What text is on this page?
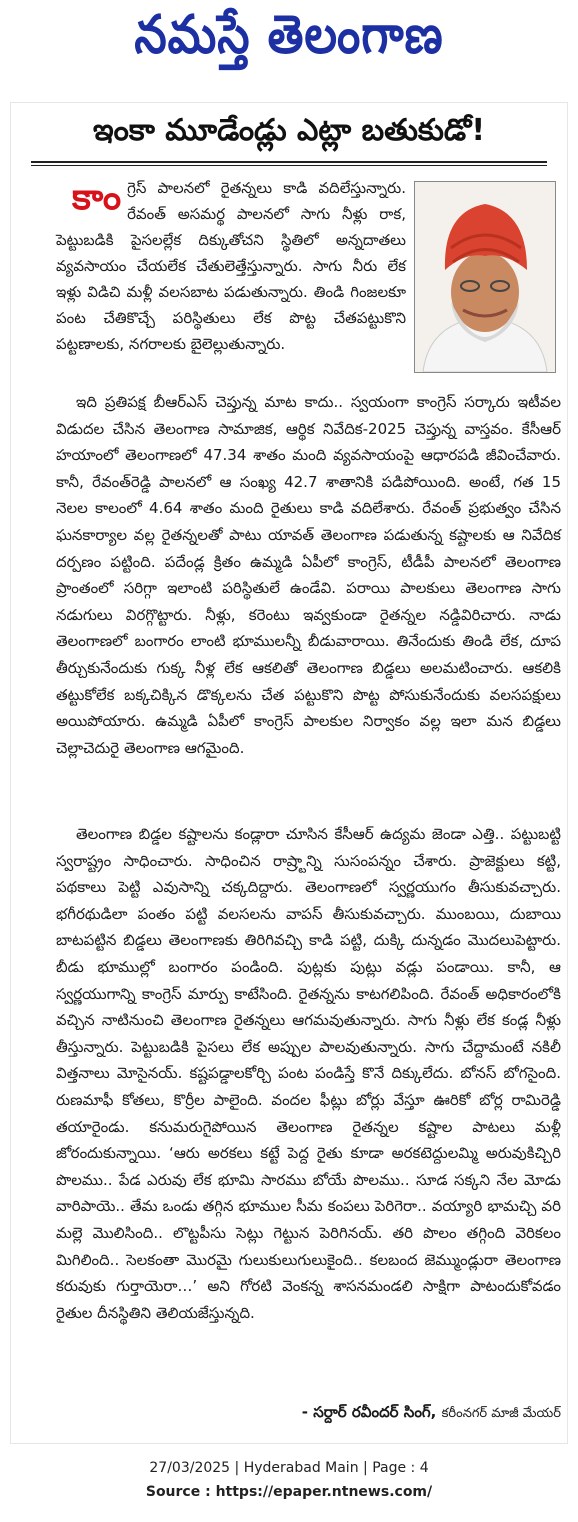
నమస్తే తెలంగాణ
ఇంకా మూడేండ్లు ఎట్లా బతుకుడో!
కాం గ్రెస్ పాలనలో రైతన్నలు కాడి వదిలేస్తున్నారు. రేవంత్ అసమర్థ పాలనలో సాగు నీళ్లు రాక, పెట్టుబడికి పైసలల్లేక దిక్కుతోచని స్థితిలో అన్నదాతలు వ్యవసాయం చేయలేక చేతులెత్తేస్తున్నారు. సాగు నీరు లేక ఇళ్లు విడిచి మళ్లీ వలసబాట పడుతున్నారు. తిండి గింజలకూ పంట చేతికొచ్చే పరిస్థితులు లేక పొట్ట చేతపట్టుకొని పట్టణాలకు, నగరాలకు బైలెల్లుతున్నారు.
ఇది ప్రతిపక్ష బీఆర్ఎస్ చెప్తున్న మాట కాదు.. స్వయంగా కాంగ్రెస్ సర్కారు ఇటీవల విడుదల చేసిన తెలంగాణ సామాజిక, ఆర్థిక నివేదిక-2025 చెప్తున్న వాస్తవం. కేసీఆర్ హయాంలో తెలంగాణలో 47.34 శాతం మంది వ్యవసాయంపై ఆధారపడి జీవించేవారు. కానీ, రేవంత్‌రెడ్డి పాలనలో ఆ సంఖ్య 42.7 శాతానికి పడిపోయింది. అంటే, గత 15 నెలల కాలంలో 4.64 శాతం మంది రైతులు కాడి వదిలేశారు. రేవంత్ ప్రభుత్వం చేసిన ఘనకార్యాల వల్ల రైతన్నలతో పాటు యావత్ తెలంగాణ పడుతున్న కష్టాలకు ఆ నివేదిక దర్పణం పట్టింది. పదేండ్ల క్రితం ఉమ్మడి ఏపీలో కాంగ్రెస్, టీడీపీ పాలనలో తెలంగాణ ప్రాంతంలో సరిగ్గా ఇలాంటి పరిస్థితులే ఉండేవి. పరాయి పాలకులు తెలంగాణ సాగు నడుగులు విరగ్గొట్టారు. నీళ్లు, కరెంటు ఇవ్వకుండా రైతన్నల నడ్డివిరిచారు. నాడు తెలంగాణలో బంగారం లాంటి భూములన్నీ బీడువారాయి. తినేందుకు తిండి లేక, దూప తీర్చుకునేందుకు గుక్క నీళ్ల లేక ఆకలితో తెలంగాణ బిడ్డలు అలమటించారు. ఆకలికి తట్టుకోలేక బక్కచిక్కిన డొక్కలను చేత పట్టుకొని పొట్ట పోసుకునేందుకు వలసపక్షులు అయిపోయారు. ఉమ్మడి ఏపీలో కాంగ్రెస్ పాలకుల నిర్వాకం వల్ల ఇలా మన బిడ్డలు చెల్లాచెదురై తెలంగాణ ఆగమైంది.
తెలంగాణ బిడ్డల కష్టాలను కండ్లారా చూసిన కేసీఆర్ ఉద్యమ జెండా ఎత్తి.. పట్టుబట్టి స్వరాష్ట్రం సాధించారు. సాధించిన రాష్ర్టాన్ని సుసంపన్నం చేశారు. ప్రాజెక్టులు కట్టి, పథకాలు పెట్టి ఎవుసాన్ని చక్కదిద్దారు. తెలంగాణలో స్వర్ణయుగం తీసుకువచ్చారు. భగీరథుడిలా పంతం పట్టి వలసలను వాపస్ తీసుకువచ్చారు. ముంబయి, దుబాయి బాటపట్టిన బిడ్డలు తెలంగాణకు తిరిగివచ్చి కాడి పట్టి, దుక్కి దున్నడం మొదలుపెట్టారు. బీడు భూముల్లో బంగారం పండింది. పుట్లకు పుట్లు వడ్లు పండాయి. కానీ, ఆ స్వర్ణయుగాన్ని కాంగ్రెస్ మార్పు కాటేసింది. రైతన్నను కాటగలిపింది. రేవంత్ అధికారంలోకి వచ్చిన నాటినుంచి తెలంగాణ రైతన్నలు ఆగమవుతున్నారు. సాగు నీళ్లు లేక కండ్ల నీళ్లు తీస్తున్నారు. పెట్టుబడికి పైసలు లేక అప్పుల పాలవుతున్నారు. సాగు చేద్దామంటే నకిలీ విత్తనాలు మోసైనయ్. కష్టపడ్డాలకోర్చి పంట పండిస్తే కొనే దిక్కులేదు. బోనస్ బోగసైంది. రుణమాఫీ కోతలు, కొర్రీల పాలైంది. వందల ఫీట్లు బోర్లు వేస్తూ ఊరికో బోర్ల రామిరెడ్డి తయారైండు. కనుమరుగైపోయిన తెలంగాణ రైతన్నల కష్టాల పాటలు మళ్లీ జోరందుకున్నాయి. ‘ఆరు అరకలు కట్టే పెద్ద రైతు కూడా అరకటెద్దులమ్మి అరువుకిచ్చిరి పొలము.. పేడ ఎరువు లేక భూమి సారము బోయే పొలము.. సూడ సక్కని నేల మోడు వారిపాయె.. తేమ ఒండు తగ్గిన భూముల సీమ కంపలు పెరిగెరా.. వయ్యారి భామచ్చి వరి మల్లె మొలిసింది.. లొట్టపీసు సెట్లు గెట్టున పెరిగినయ్. తరి పొలం తగ్గింది వెరికలం మిగిలింది.. సెలకంతా మొరమై గులుకులుగులుకైంది.. కలబంద జెమ్ముండ్లురా తెలంగాణ కరువుకు గుర్తాయెరా…’ అని గోరటి వెంకన్న శాసనమండలి సాక్షిగా పాటందుకోవడం రైతుల దీనస్థితిని తెలియజేస్తున్నది.
- సర్దార్ రవీందర్ సింగ్, కరీంనగర్ మాజీ మేయర్
27/03/2025 | Hyderabad Main | Page : 4
Source : https://epaper.ntnews.com/
